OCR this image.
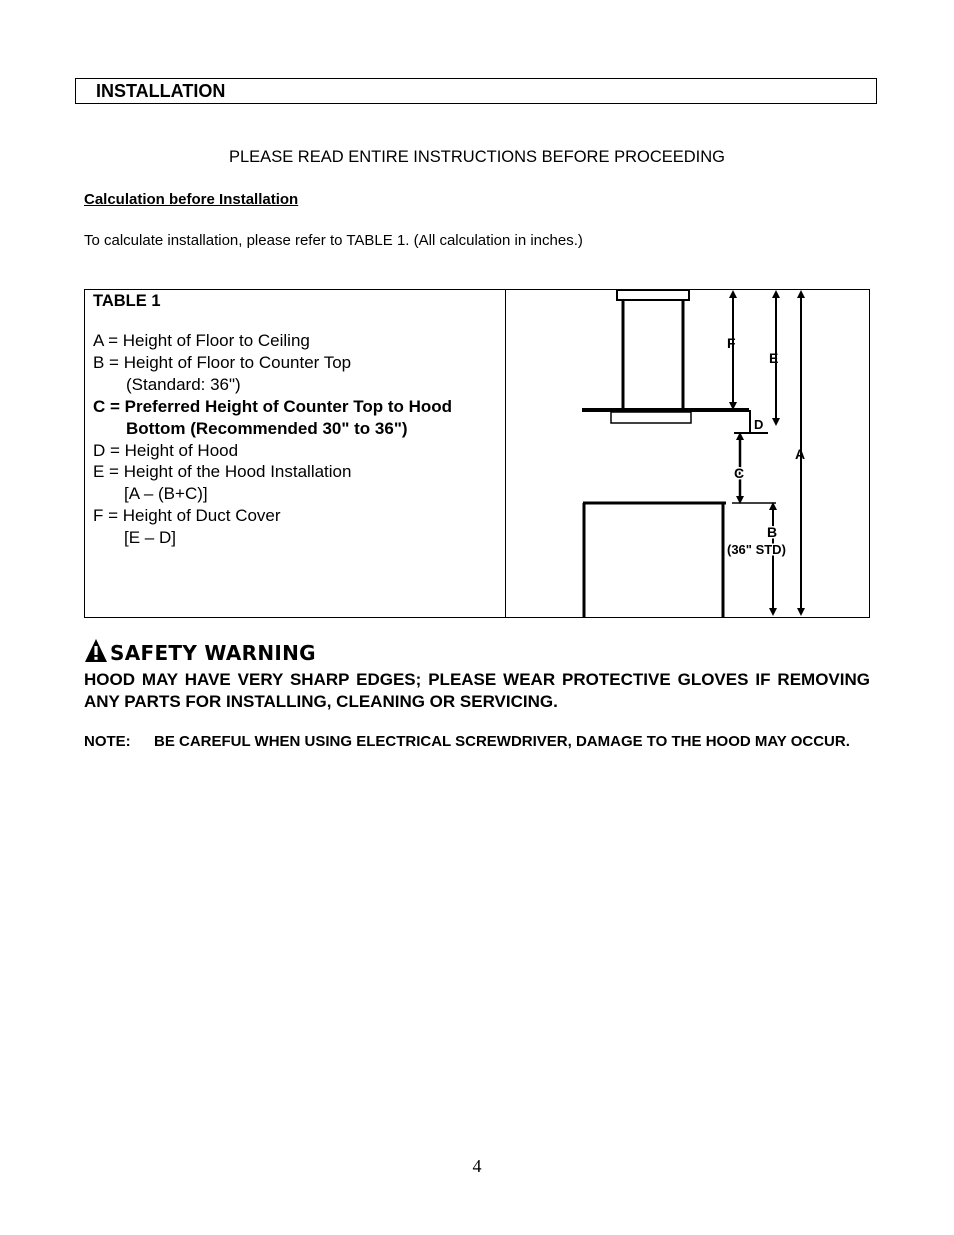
INSTALLATION
PLEASE READ ENTIRE INSTRUCTIONS BEFORE PROCEEDING
Calculation before Installation
To calculate installation, please refer to TABLE 1. (All calculation in inches.)
TABLE 1
A = Height of Floor to Ceiling
B = Height of Floor to Counter Top
(Standard: 36")
C = Preferred Height of Counter Top to Hood
Bottom (Recommended 30" to 36")
D = Height of Hood
E = Height of the Hood Installation
[A – (B+C)]
F = Height of Duct Cover
[E – D]
F
E
A
D
C
B
(36" STD)
SAFETY WARNING
HOOD MAY HAVE VERY SHARP EDGES; PLEASE WEAR PROTECTIVE GLOVES IF REMOVING ANY PARTS FOR INSTALLING, CLEANING OR SERVICING.
NOTE: BE CAREFUL WHEN USING ELECTRICAL SCREWDRIVER, DAMAGE TO THE HOOD MAY OCCUR.
4
